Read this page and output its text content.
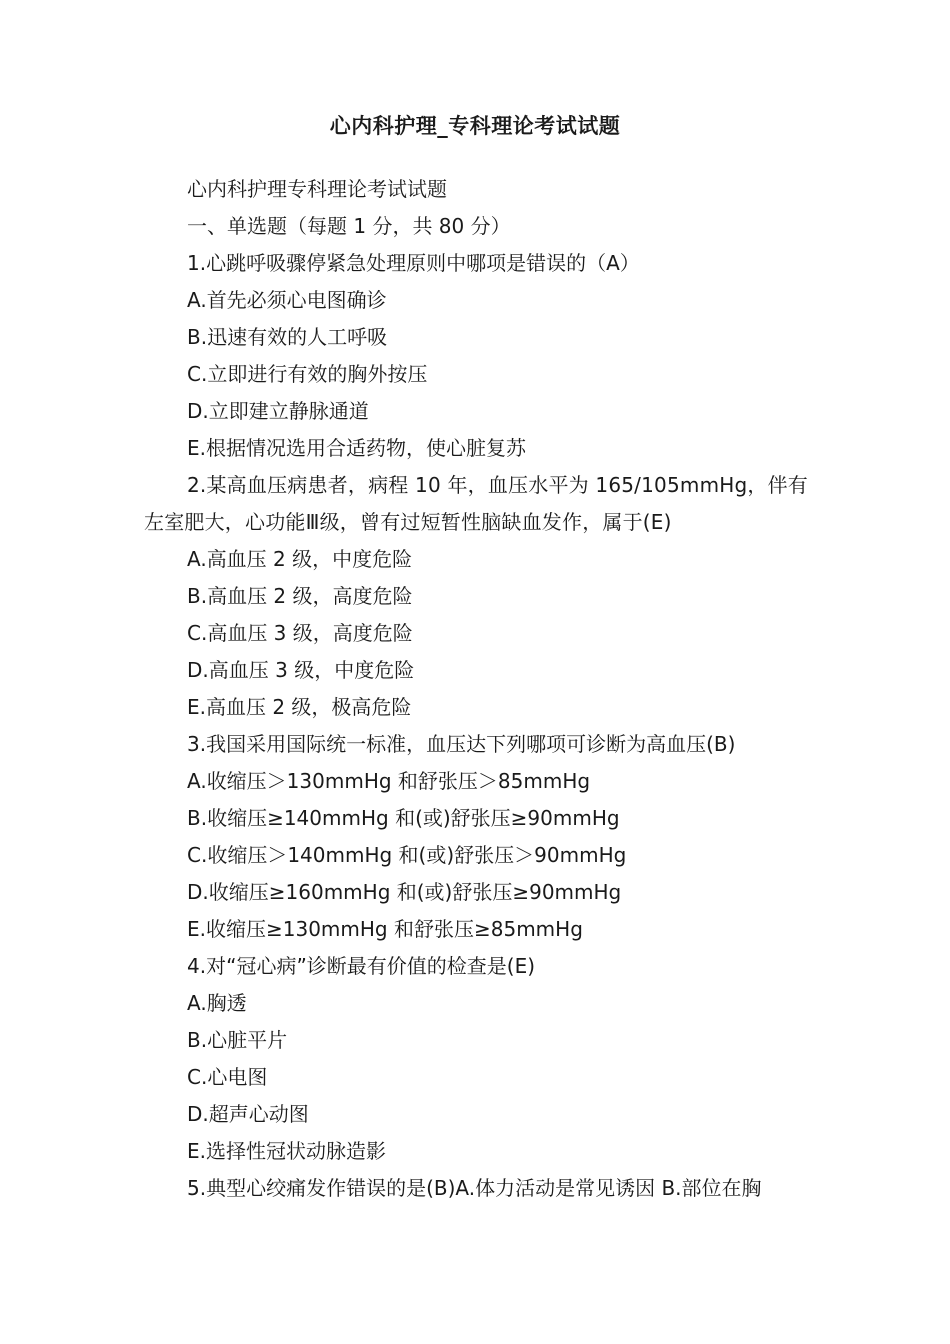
心内科护理_专科理论考试试题

心内科护理专科理论考试试题

一、单选题（每题 1 分，共 80 分）

1.心跳呼吸骤停紧急处理原则中哪项是错误的（A）

A.首先必须心电图确诊

B.迅速有效的人工呼吸

C.立即进行有效的胸外按压

D.立即建立静脉通道

E.根据情况选用合适药物，使心脏复苏

2.某高血压病患者，病程 10 年，血压水平为 165/105mmHg，伴有左室肥大，心功能Ⅲ级，曾有过短暂性脑缺血发作，属于(E)

A.高血压 2 级，中度危险

B.高血压 2 级，高度危险

C.高血压 3 级，高度危险

D.高血压 3 级，中度危险

E.高血压 2 级，极高危险

3.我国采用国际统一标准，血压达下列哪项可诊断为高血压(B)

A.收缩压＞130mmHg 和舒张压＞85mmHg

B.收缩压≥140mmHg 和(或)舒张压≥90mmHg

C.收缩压＞140mmHg 和(或)舒张压＞90mmHg

D.收缩压≥160mmHg 和(或)舒张压≥90mmHg

E.收缩压≥130mmHg 和舒张压≥85mmHg

4.对“冠心病”诊断最有价值的检查是(E)

A.胸透

B.心脏平片

C.心电图

D.超声心动图

E.选择性冠状动脉造影

5.典型心绞痛发作错误的是(B)A.体力活动是常见诱因 B.部位在胸
